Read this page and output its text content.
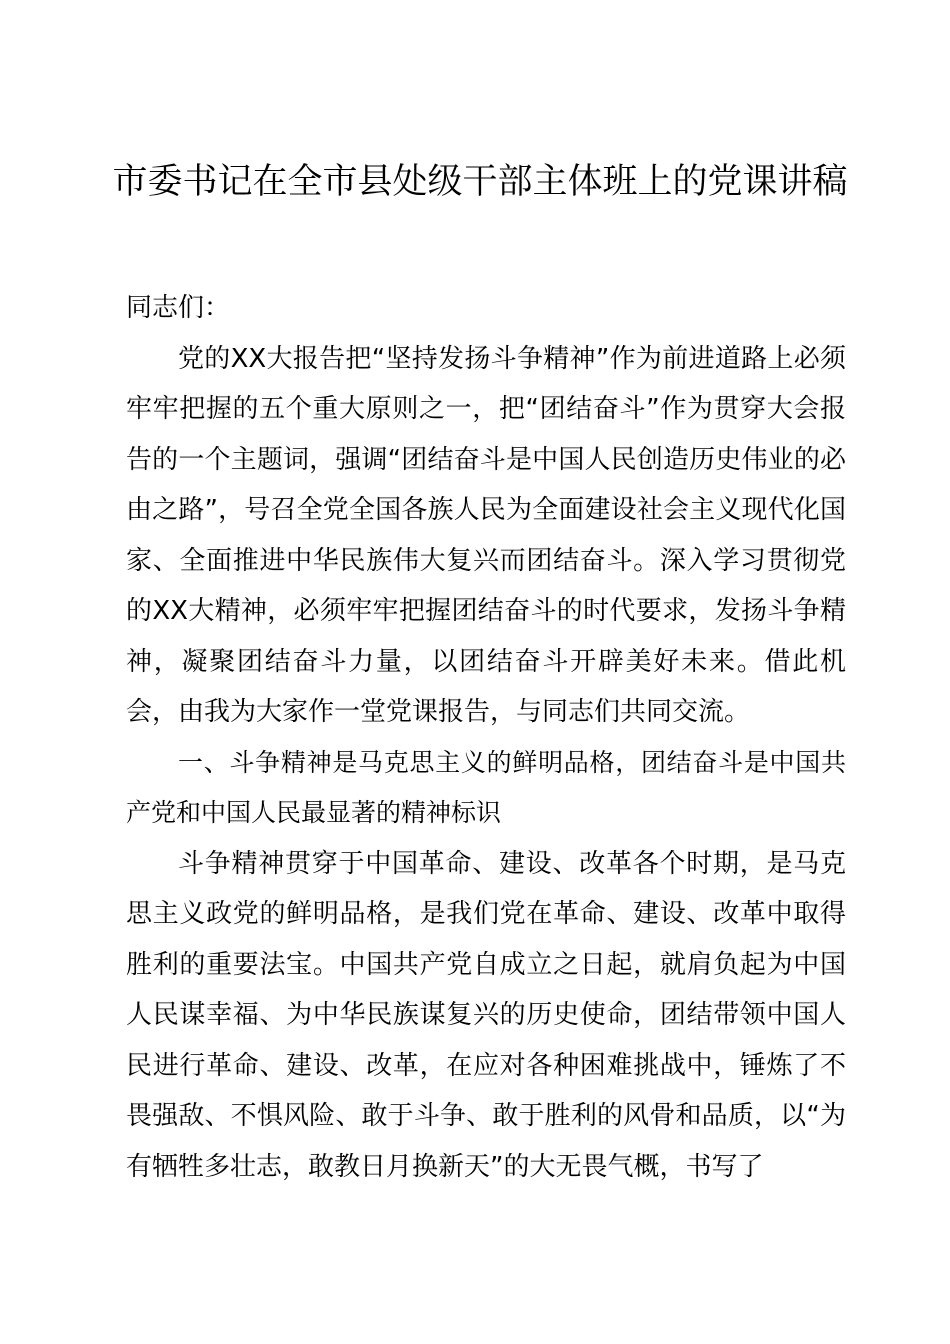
市委书记在全市县处级干部主体班上的党课讲稿

同志们：

党的XX大报告把“坚持发扬斗争精神”作为前进道路上必须牢牢把握的五个重大原则之一，把“团结奋斗”作为贯穿大会报告的一个主题词，强调“团结奋斗是中国人民创造历史伟业的必由之路”，号召全党全国各族人民为全面建设社会主义现代化国家、全面推进中华民族伟大复兴而团结奋斗。深入学习贯彻党的XX大精神，必须牢牢把握团结奋斗的时代要求，发扬斗争精神，凝聚团结奋斗力量，以团结奋斗开辟美好未来。借此机会，由我为大家作一堂党课报告，与同志们共同交流。

一、斗争精神是马克思主义的鲜明品格，团结奋斗是中国共产党和中国人民最显著的精神标识

斗争精神贯穿于中国革命、建设、改革各个时期，是马克思主义政党的鲜明品格，是我们党在革命、建设、改革中取得胜利的重要法宝。中国共产党自成立之日起，就肩负起为中国人民谋幸福、为中华民族谋复兴的历史使命，团结带领中国人民进行革命、建设、改革，在应对各种困难挑战中，锤炼了不畏强敌、不惧风险、敢于斗争、敢于胜利的风骨和品质，以“为有牺牲多壮志，敢教日月换新天”的大无畏气概，书写了
